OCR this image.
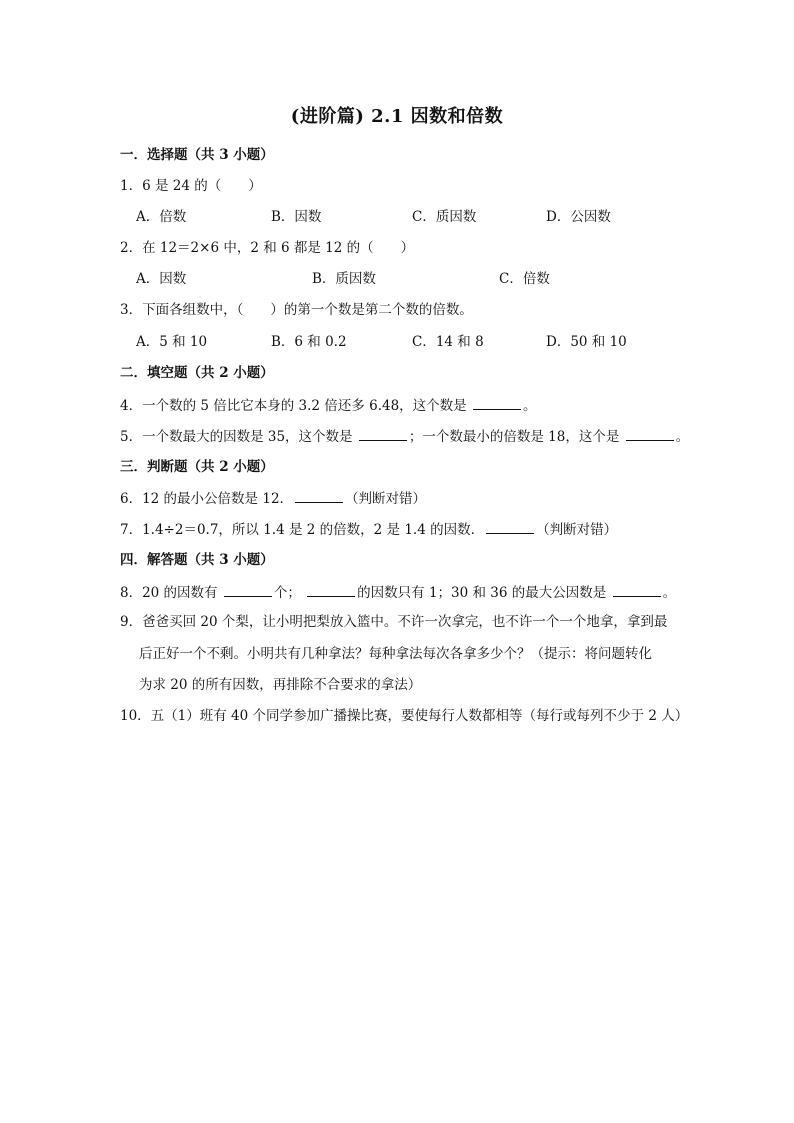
(进阶篇) 2.1 因数和倍数
一．选择题（共 3 小题）
1．6 是 24 的（　　）
A．倍数	B．因数	C．质因数	D．公因数
2．在 12＝2×6 中，2 和 6 都是 12 的（　　）
A．因数	B．质因数	C．倍数
3．下面各组数中，（　　）的第一个数是第二个数的倍数。
A．5 和 10	B．6 和 0.2	C．14 和 8	D．50 和 10
二．填空题（共 2 小题）
4．一个数的 5 倍比它本身的 3.2 倍还多 6.48，这个数是	。
5．一个数最大的因数是 35，这个数是	；一个数最小的倍数是 18，这个是	。
三．判断题（共 2 小题）
6．12 的最小公倍数是 12．	（判断对错）
7．1.4÷2＝0.7，所以 1.4 是 2 的倍数，2 是 1.4 的因数．	（判断对错）
四．解答题（共 3 小题）
8．20 的因数有	个；	的因数只有 1；30 和 36 的最大公因数是	。
9．爸爸买回 20 个梨，让小明把梨放入篮中。不许一次拿完，也不许一个一个地拿，拿到最
后正好一个不剩。小明共有几种拿法？每种拿法每次各拿多少个？（提示：将问题转化
为求 20 的所有因数，再排除不合要求的拿法）
10．五（1）班有 40 个同学参加广播操比赛，要使每行人数都相等（每行或每列不少于 2 人）
